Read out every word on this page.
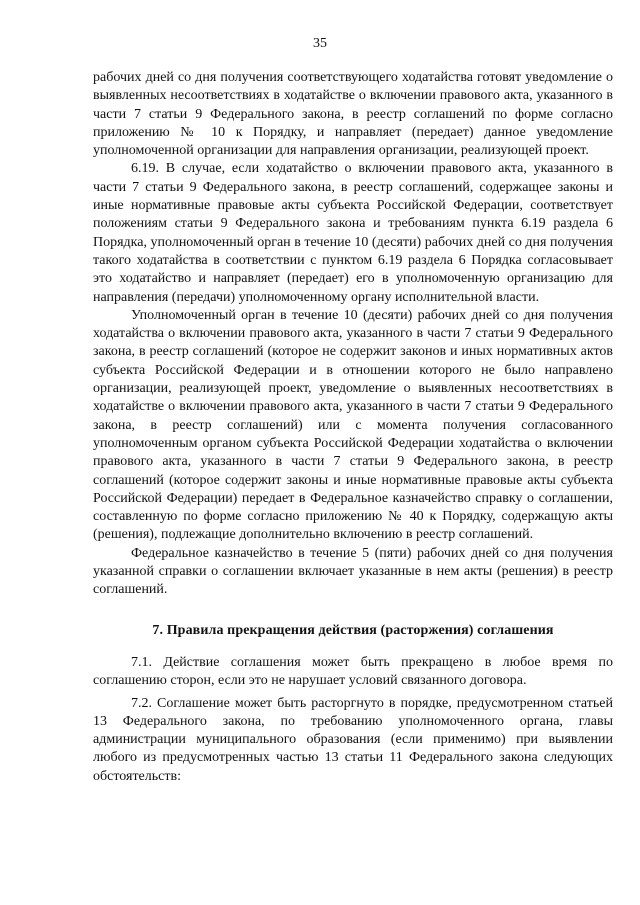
35

рабочих дней со дня получения соответствующего ходатайства готовят уведомление о выявленных несоответствиях в ходатайстве о включении правового акта, указанного в части 7 статьи 9 Федерального закона, в реестр соглашений по форме согласно приложению № 10 к Порядку, и направляет (передает) данное уведомление уполномоченной организации для направления организации, реализующей проект.

6.19. В случае, если ходатайство о включении правового акта, указанного в части 7 статьи 9 Федерального закона, в реестр соглашений, содержащее законы и иные нормативные правовые акты субъекта Российской Федерации, соответствует положениям статьи 9 Федерального закона и требованиям пункта 6.19 раздела 6 Порядка, уполномоченный орган в течение 10 (десяти) рабочих дней со дня получения такого ходатайства в соответствии с пунктом 6.19 раздела 6 Порядка согласовывает это ходатайство и направляет (передает) его в уполномоченную организацию для направления (передачи) уполномоченному органу исполнительной власти.

Уполномоченный орган в течение 10 (десяти) рабочих дней со дня получения ходатайства о включении правового акта, указанного в части 7 статьи 9 Федерального закона, в реестр соглашений (которое не содержит законов и иных нормативных актов субъекта Российской Федерации и в отношении которого не было направлено организации, реализующей проект, уведомление о выявленных несоответствиях в ходатайстве о включении правового акта, указанного в части 7 статьи 9 Федерального закона, в реестр соглашений) или с момента получения согласованного уполномоченным органом субъекта Российской Федерации ходатайства о включении правового акта, указанного в части 7 статьи 9 Федерального закона, в реестр соглашений (которое содержит законы и иные нормативные правовые акты субъекта Российской Федерации) передает в Федеральное казначейство справку о соглашении, составленную по форме согласно приложению № 40 к Порядку, содержащую акты (решения), подлежащие дополнительно включению в реестр соглашений.

Федеральное казначейство в течение 5 (пяти) рабочих дней со дня получения указанной справки о соглашении включает указанные в нем акты (решения) в реестр соглашений.

7. Правила прекращения действия (расторжения) соглашения

7.1. Действие соглашения может быть прекращено в любое время по соглашению сторон, если это не нарушает условий связанного договора.

7.2. Соглашение может быть расторгнуто в порядке, предусмотренном статьей 13 Федерального закона, по требованию уполномоченного органа, главы администрации муниципального образования (если применимо) при выявлении любого из предусмотренных частью 13 статьи 11 Федерального закона следующих обстоятельств:
